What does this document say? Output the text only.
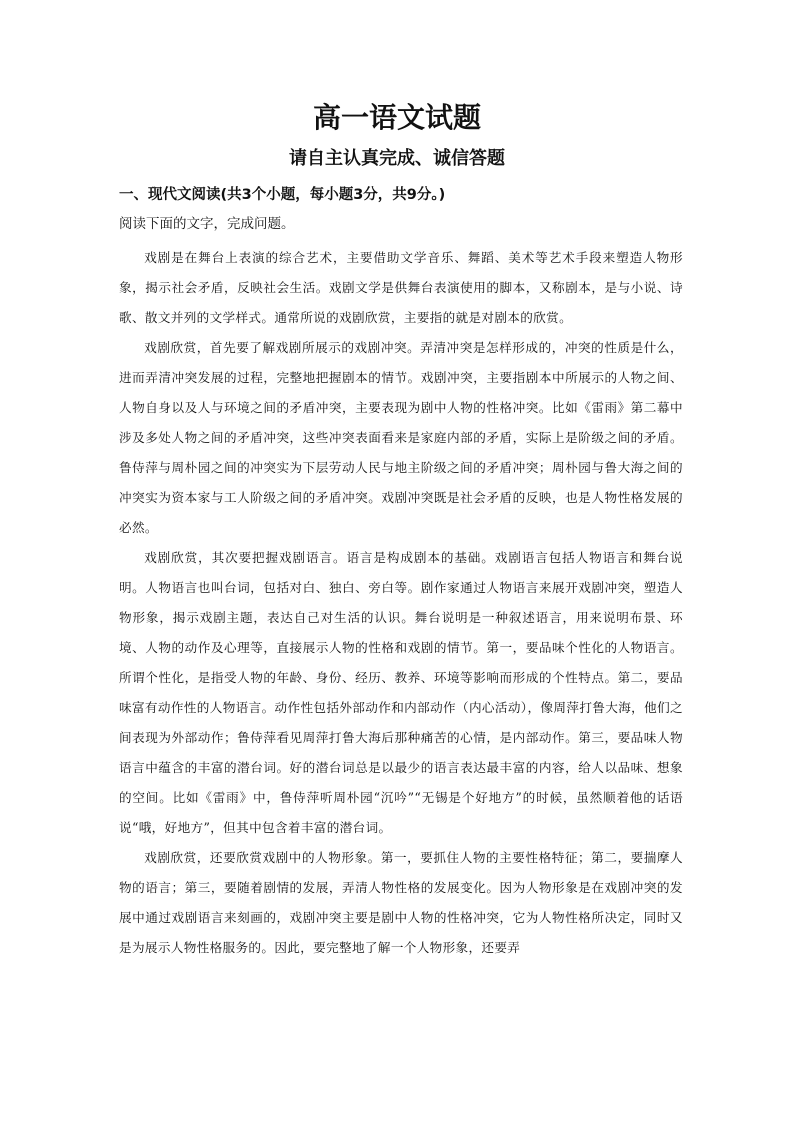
高一语文试题
请自主认真完成、诚信答题
一、现代文阅读(共3个小题，每小题3分，共9分。)
阅读下面的文字，完成问题。

戏剧是在舞台上表演的综合艺术，主要借助文学音乐、舞蹈、美术等艺术手段来塑造人物形象，揭示社会矛盾，反映社会生活。戏剧文学是供舞台表演使用的脚本，又称剧本，是与小说、诗歌、散文并列的文学样式。通常所说的戏剧欣赏，主要指的就是对剧本的欣赏。

戏剧欣赏，首先要了解戏剧所展示的戏剧冲突。弄清冲突是怎样形成的，冲突的性质是什么，进而弄清冲突发展的过程，完整地把握剧本的情节。戏剧冲突，主要指剧本中所展示的人物之间、人物自身以及人与环境之间的矛盾冲突，主要表现为剧中人物的性格冲突。比如《雷雨》第二幕中涉及多处人物之间的矛盾冲突，这些冲突表面看来是家庭内部的矛盾，实际上是阶级之间的矛盾。鲁侍萍与周朴园之间的冲突实为下层劳动人民与地主阶级之间的矛盾冲突；周朴园与鲁大海之间的冲突实为资本家与工人阶级之间的矛盾冲突。戏剧冲突既是社会矛盾的反映，也是人物性格发展的必然。

戏剧欣赏，其次要把握戏剧语言。语言是构成剧本的基础。戏剧语言包括人物语言和舞台说明。人物语言也叫台词，包括对白、独白、旁白等。剧作家通过人物语言来展开戏剧冲突，塑造人物形象，揭示戏剧主题，表达自己对生活的认识。舞台说明是一种叙述语言，用来说明布景、环境、人物的动作及心理等，直接展示人物的性格和戏剧的情节。第一，要品味个性化的人物语言。所谓个性化，是指受人物的年龄、身份、经历、教养、环境等影响而形成的个性特点。第二，要品味富有动作性的人物语言。动作性包括外部动作和内部动作（内心活动），像周萍打鲁大海，他们之间表现为外部动作；鲁侍萍看见周萍打鲁大海后那种痛苦的心情，是内部动作。第三，要品味人物语言中蕴含的丰富的潜台词。好的潜台词总是以最少的语言表达最丰富的内容，给人以品味、想象的空间。比如《雷雨》中，鲁侍萍听周朴园“沉吟”“无锡是个好地方”的时候，虽然顺着他的话语说“哦，好地方”，但其中包含着丰富的潜台词。

戏剧欣赏，还要欣赏戏剧中的人物形象。第一，要抓住人物的主要性格特征；第二，要揣摩人物的语言；第三，要随着剧情的发展，弄清人物性格的发展变化。因为人物形象是在戏剧冲突的发展中通过戏剧语言来刻画的，戏剧冲突主要是剧中人物的性格冲突，它为人物性格所决定，同时又是为展示人物性格服务的。因此，要完整地了解一个人物形象，还要弄
